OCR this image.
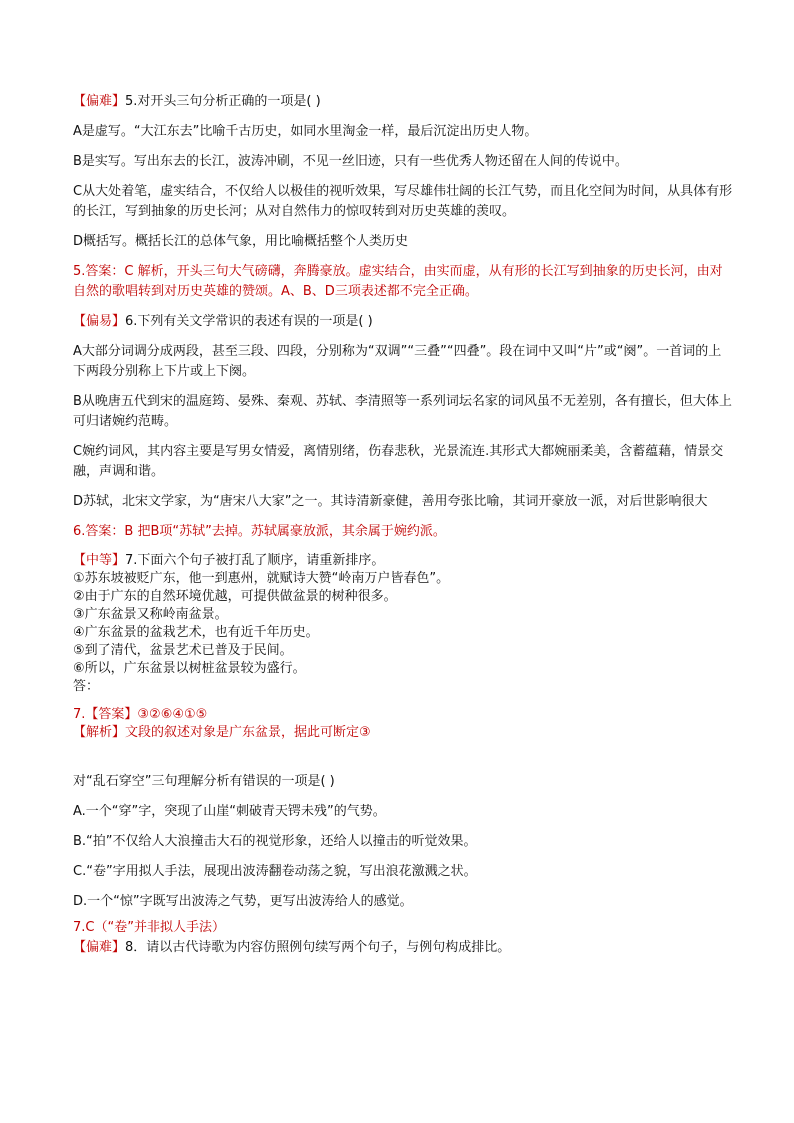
【偏难】5.对开头三句分析正确的一项是( )

A是虚写。“大江东去”比喻千古历史，如同水里淘金一样，最后沉淀出历史人物。

B是实写。写出东去的长江，波涛冲刷，不见一丝旧迹，只有一些优秀人物还留在人间的传说中。

C从大处着笔，虚实结合，不仅给人以极佳的视听效果，写尽雄伟壮阔的长江气势，而且化空间为时间，从具体有形的长江，写到抽象的历史长河；从对自然伟力的惊叹转到对历史英雄的羡叹。

D概括写。概括长江的总体气象，用比喻概括整个人类历史

5.答案：C 解析，开头三句大气磅礴，奔腾豪放。虚实结合，由实而虚，从有形的长江写到抽象的历史长河，由对自然的歌唱转到对历史英雄的赞颂。A、B、D三项表述都不完全正确。

【偏易】6.下列有关文学常识的表述有误的一项是( )

A大部分词调分成两段，甚至三段、四段，分别称为“双调”“三叠”“四叠”。段在词中又叫“片”或“阕”。一首词的上下两段分别称上下片或上下阕。

B从晚唐五代到宋的温庭筠、晏殊、秦观、苏轼、李清照等一系列词坛名家的词风虽不无差别，各有擅长，但大体上可归诸婉约范畴。

C婉约词风，其内容主要是写男女情爱，离情别绪，伤春悲秋，光景流连.其形式大都婉丽柔美，含蓄蕴藉，情景交融，声调和谐。

D苏轼，北宋文学家，为“唐宋八大家”之一。其诗清新豪健，善用夸张比喻，其词开豪放一派，对后世影响很大

6.答案：B 把B项“苏轼”去掉。苏轼属豪放派，其余属于婉约派。

【中等】7.下面六个句子被打乱了顺序，请重新排序。

①苏东坡被贬广东，他一到惠州，就赋诗大赞“岭南万户皆春色”。

②由于广东的自然环境优越，可提供做盆景的树种很多。

③广东盆景又称岭南盆景。

④广东盆景的盆栽艺术，也有近千年历史。

⑤到了清代，盆景艺术已普及于民间。

⑥所以，广东盆景以树桩盆景较为盛行。

答：

7.【答案】③②⑥④①⑤

【解析】文段的叙述对象是广东盆景，据此可断定③

对“乱石穿空”三句理解分析有错误的一项是( )

A.一个“穿”字，突现了山崖“刺破青天锷未残”的气势。

B.“拍”不仅给人大浪撞击大石的视觉形象，还给人以撞击的听觉效果。

C.“卷”字用拟人手法，展现出波涛翻卷动荡之貌，写出浪花激溅之状。

D.一个“惊”字既写出波涛之气势，更写出波涛给人的感觉。

7.C（“卷”并非拟人手法）

【偏难】8．请以古代诗歌为内容仿照例句续写两个句子，与例句构成排比。
